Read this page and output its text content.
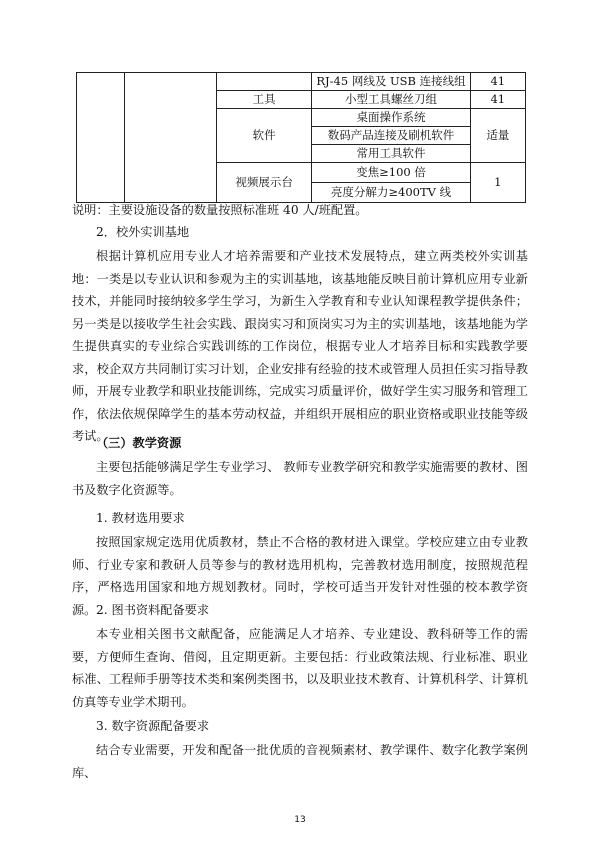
			RJ-45 网线及 USB 连接线组	41
		工具	小型工具螺丝刀组	41
		软件	桌面操作系统	适量
			数码产品连接及刷机软件	
			常用工具软件	
		视频展示台	变焦≥100 倍	1
			亮度分解力≥400TV 线	
说明：主要设施设备的数量按照标准班 40 人/班配置。
2．校外实训基地
根据计算机应用专业人才培养需要和产业技术发展特点，建立两类校外实训基地：一类是以专业认识和参观为主的实训基地，该基地能反映目前计算机应用专业新技术，并能同时接纳较多学生学习，为新生入学教育和专业认知课程教学提供条件；另一类是以接收学生社会实践、跟岗实习和顶岗实习为主的实训基地，该基地能为学生提供真实的专业综合实践训练的工作岗位，根据专业人才培养目标和实践教学要求，校企双方共同制订实习计划，企业安排有经验的技术或管理人员担任实习指导教师，开展专业教学和职业技能训练，完成实习质量评价，做好学生实习服务和管理工作，依法依规保障学生的基本劳动权益，并组织开展相应的职业资格或职业技能等级考试。
（三）教学资源
主要包括能够满足学生专业学习、 教师专业教学研究和教学实施需要的教材、图书及数字化资源等。
1. 教材选用要求
按照国家规定选用优质教材，禁止不合格的教材进入课堂。学校应建立由专业教师、行业专家和教研人员等参与的教材选用机构，完善教材选用制度，按照规范程序，严格选用国家和地方规划教材。同时，学校可适当开发针对性强的校本教学资源。 2. 图书资料配备要求
本专业相关图书文献配备，应能满足人才培养、专业建设、教科研等工作的需要，方便师生查询、借阅，且定期更新。主要包括：行业政策法规、行业标准、职业标准、工程师手册等技术类和案例类图书，以及职业技术教育、计算机科学、计算机仿真等专业学术期刊。
3. 数字资源配备要求
结合专业需要，开发和配备一批优质的音视频素材、教学课件、数字化教学案例库、
13
